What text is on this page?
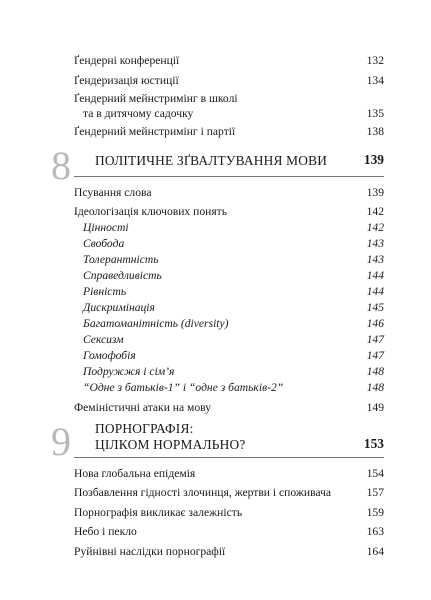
Ґендерні конференції	132
Ґендеризація юстиції	134
Ґендерний мейнстримінг в школі
та в дитячому садочку	135
Ґендерний мейнстримінг і партії	138
8 ПОЛІТИЧНЕ ЗҐВАЛТУВАННЯ МОВИ	139
Псування слова	139
Ідеологізація ключових понять	142
Цінності	142
Свобода	143
Толерантність	143
Справедливість	144
Рівність	144
Дискримінація	145
Багатоманітність (diversity)	146
Сексизм	147
Гомофобія	147
Подружжя і сім’я	148
“Одне з батьків-1” і “одне з батьків-2”	148
Феміністичні атаки на мову	149
9 ПОРНОГРАФІЯ:
ЦІЛКОМ НОРМАЛЬНО?	153
Нова глобальна епідемія	154
Позбавлення гідності злочинця, жертви і споживача	157
Порнографія викликає залежність	159
Небо і пекло	163
Руйнівні наслідки порнографії	164
